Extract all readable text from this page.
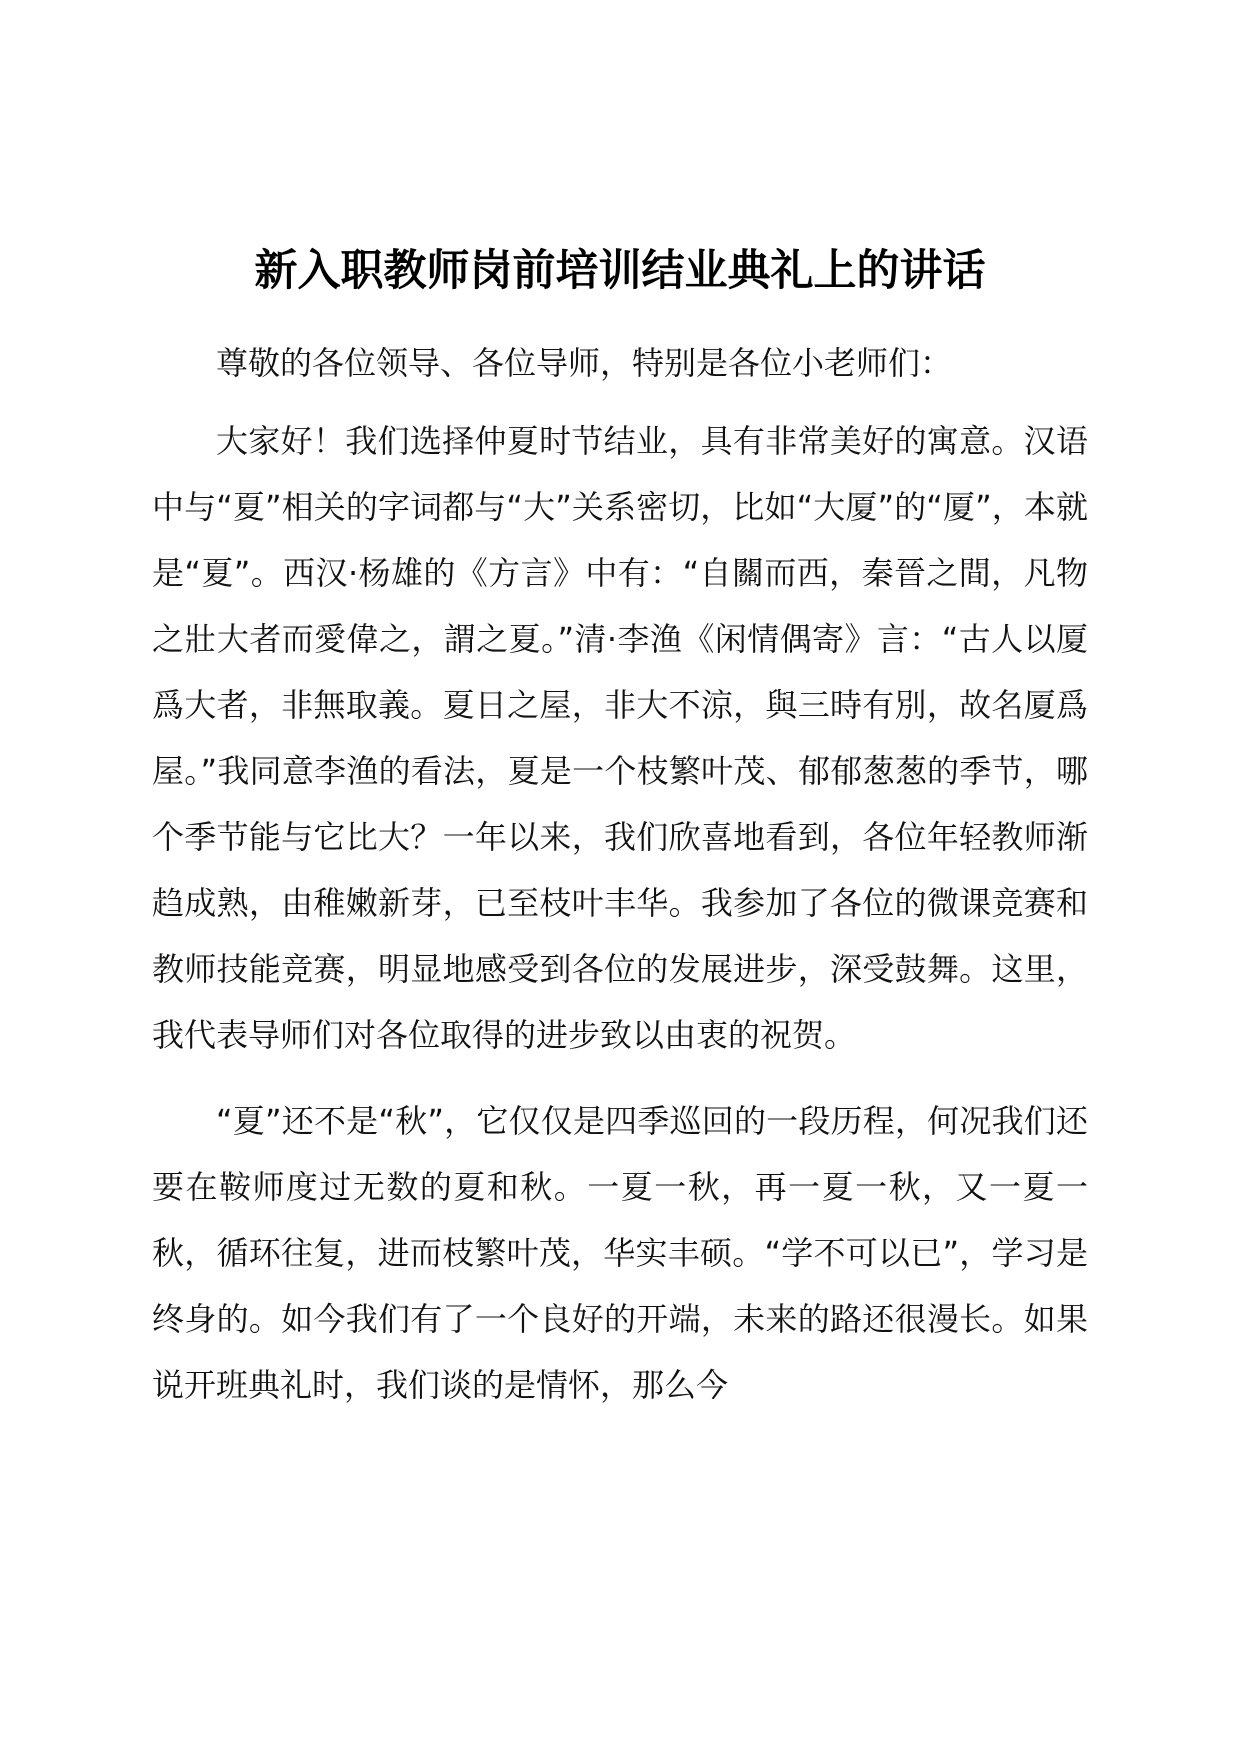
新入职教师岗前培训结业典礼上的讲话

尊敬的各位领导、各位导师，特别是各位小老师们：

大家好！我们选择仲夏时节结业，具有非常美好的寓意。汉语中与“夏”相关的字词都与“大”关系密切，比如“大厦”的“厦”，本就是“夏”。西汉·杨雄的《方言》中有：“自關而西，秦晉之間，凡物之壯大者而愛偉之，謂之夏。”清·李渔《闲情偶寄》言：“古人以厦爲大者，非無取義。夏日之屋，非大不涼，與三時有別，故名厦爲屋。”我同意李渔的看法，夏是一个枝繁叶茂、郁郁葱葱的季节，哪个季节能与它比大？一年以来，我们欣喜地看到，各位年轻教师渐趋成熟，由稚嫩新芽，已至枝叶丰华。我参加了各位的微课竞赛和教师技能竞赛，明显地感受到各位的发展进步，深受鼓舞。这里，我代表导师们对各位取得的进步致以由衷的祝贺。

“夏”还不是“秋”，它仅仅是四季巡回的一段历程，何况我们还要在鞍师度过无数的夏和秋。一夏一秋，再一夏一秋，又一夏一秋，循环往复，进而枝繁叶茂，华实丰硕。“学不可以已”，学习是终身的。如今我们有了一个良好的开端，未来的路还很漫长。如果说开班典礼时，我们谈的是情怀，那么今
